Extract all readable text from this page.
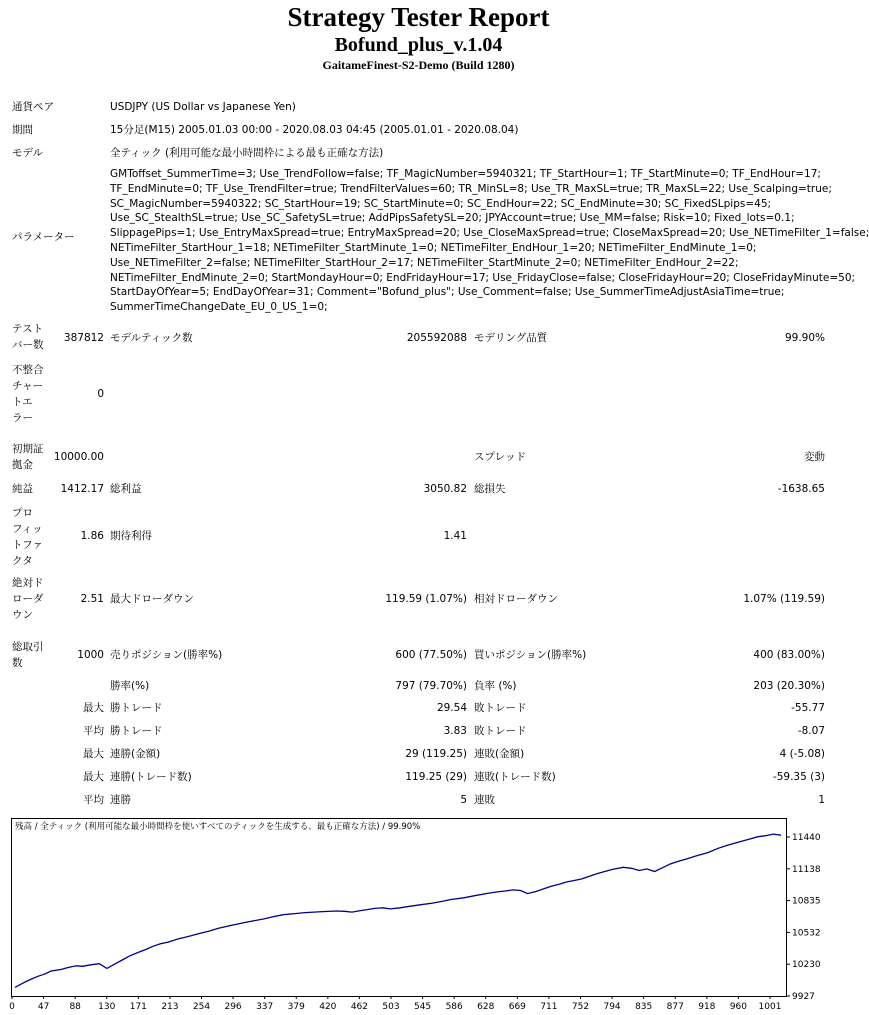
Strategy Tester Report
Bofund_plus_v.1.04
GaitameFinest-S2-Demo (Build 1280)
通貨ペア	USDJPY (US Dollar vs Japanese Yen)
期間	15分足(M15) 2005.01.03 00:00 - 2020.08.03 04:45 (2005.01.01 - 2020.08.04)
モデル	全ティック (利用可能な最小時間枠による最も正確な方法)
パラメーター
GMToffset_SummerTime=3; Use_TrendFollow=false; TF_MagicNumber=5940321; TF_StartHour=1; TF_StartMinute=0; TF_EndHour=17;
TF_EndMinute=0; TF_Use_TrendFilter=true; TrendFilterValues=60; TR_MinSL=8; Use_TR_MaxSL=true; TR_MaxSL=22; Use_Scalping=true;
SC_MagicNumber=5940322; SC_StartHour=19; SC_StartMinute=0; SC_EndHour=22; SC_EndMinute=30; SC_FixedSLpips=45;
Use_SC_StealthSL=true; Use_SC_SafetySL=true; AddPipsSafetySL=20; JPYAccount=true; Use_MM=false; Risk=10; Fixed_lots=0.1;
SlippagePips=1; Use_EntryMaxSpread=true; EntryMaxSpread=20; Use_CloseMaxSpread=true; CloseMaxSpread=20; Use_NETimeFilter_1=false;
NETimeFilter_StartHour_1=18; NETimeFilter_StartMinute_1=0; NETimeFilter_EndHour_1=20; NETimeFilter_EndMinute_1=0;
Use_NETimeFilter_2=false; NETimeFilter_StartHour_2=17; NETimeFilter_StartMinute_2=0; NETimeFilter_EndHour_2=22;
NETimeFilter_EndMinute_2=0; StartMondayHour=0; EndFridayHour=17; Use_FridayClose=false; CloseFridayHour=20; CloseFridayMinute=50;
StartDayOfYear=5; EndDayOfYear=31; Comment="Bofund_plus"; Use_Comment=false; Use_SummerTimeAdjustAsiaTime=true;
SummerTimeChangeDate_EU_0_US_1=0;
テスト
バー数
387812 モデルティック数	205592088 モデリング品質	99.90%
不整合
チャー
トエ
ラー
0
初期証
拠金
10000.00	スプレッド	変動
純益	1412.17 総利益	3050.82 総損失	-1638.65
プロ
フィッ
トファ
クタ
1.86 期待利得	1.41
絶対ド
ローダ
ウン
2.51 最大ドローダウン	119.59 (1.07%) 相対ドローダウン	1.07% (119.59)
総取引
数
1000 売りポジション(勝率%)	600 (77.50%) 買いポジション(勝率%)	400 (83.00%)
勝率(%)	797 (79.70%) 負率 (%)	203 (20.30%)
最大 勝トレード	29.54 敗トレード	-55.77
平均 勝トレード	3.83 敗トレード	-8.07
最大 連勝(金額)	29 (119.25) 連敗(金額)	4 (-5.08)
最大 連勝(トレード数)	119.25 (29) 連敗(トレード数)	-59.35 (3)
平均 連勝	5 連敗	1
残高 / 全ティック (利用可能な最小時間枠を使いすべてのティックを生成する、最も正確な方法) / 99.90%
0	47 88 130 171 213 254 296 337 379 420 462 503 545 586 628 669 711 752 794 835 877 918 960 1001
9927
10230
10532
10835
11138
11440
